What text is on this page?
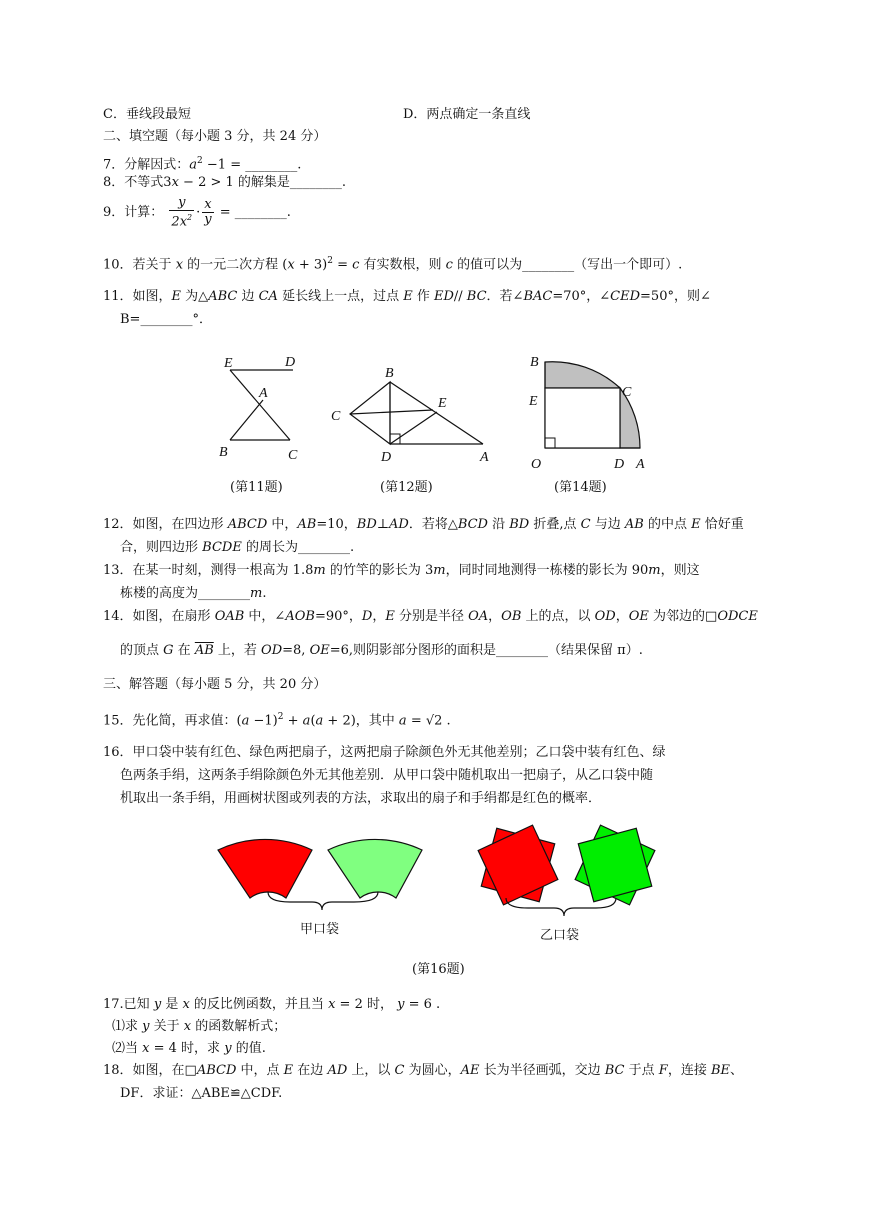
C．垂线段最短	D．两点确定一条直线
二、填空题（每小题 3 分，共 24 分）
7．分解因式：$a^2 -1$ = ________.
8．不等式3x − 2 > 1 的解集是________.
9．计算： $\frac{y}{2x^2} \cdot \frac{x}{y}$ = ________.
10．若关于 x 的一元二次方程 $(x + 3)^2 = c$ 有实数根，则 c 的值可以为________（写出一个即可）.
11．如图，E 为△ABC 边 CA 延长线上一点，过点 E 作 ED// BC．若∠BAC=70°，∠CED=50°，则∠
B=________°．
E	D
A
B	C
(第11题)
B
C
E
D	A
(第12题)
B
C
E
O	D A
(第14题)
12．如图，在四边形 ABCD 中，AB=10，BD⊥AD．若将△BCD 沿 BD 折叠,点 C 与边 AB 的中点 E 恰好重
合，则四边形 BCDE 的周长为________.
13．在某一时刻，测得一根高为 1.8m 的竹竿的影长为 3m，同时同地测得一栋楼的影长为 90m，则这
栋楼的高度为________m.
14．如图，在扇形 OAB 中，∠AOB=90°，D，E 分别是半径 OA，OB 上的点，以 OD，OE 为邻边的□ODCE
的顶点 G 在 $\overline{AB}$ 上，若 OD=8, OE=6,则阴影部分图形的面积是________（结果保留 π）.
三、解答题（每小题 5 分，共 20 分）
15．先化简，再求值：$(a -1)^2 + a(a + 2)$，其中 a = √2 .
16．甲口袋中装有红色、绿色两把扇子，这两把扇子除颜色外无其他差别；乙口袋中装有红色、绿
色两条手绢，这两条手绢除颜色外无其他差别．从甲口袋中随机取出一把扇子，从乙口袋中随
机取出一条手绢，用画树状图或列表的方法，求取出的扇子和手绢都是红色的概率．
甲口袋	乙口袋
(第16题)
17.已知 y 是 x 的反比例函数，并且当 x = 2 时， y = 6 .
⑴求 y 关于 x 的函数解析式；
⑵当 x = 4 时，求 y 的值.
18．如图，在□ABCD 中，点 E 在边 AD 上，以 C 为圆心，AE 长为半径画弧，交边 BC 于点 F，连接 BE、
DF．求证：△ABE≌△CDF.
